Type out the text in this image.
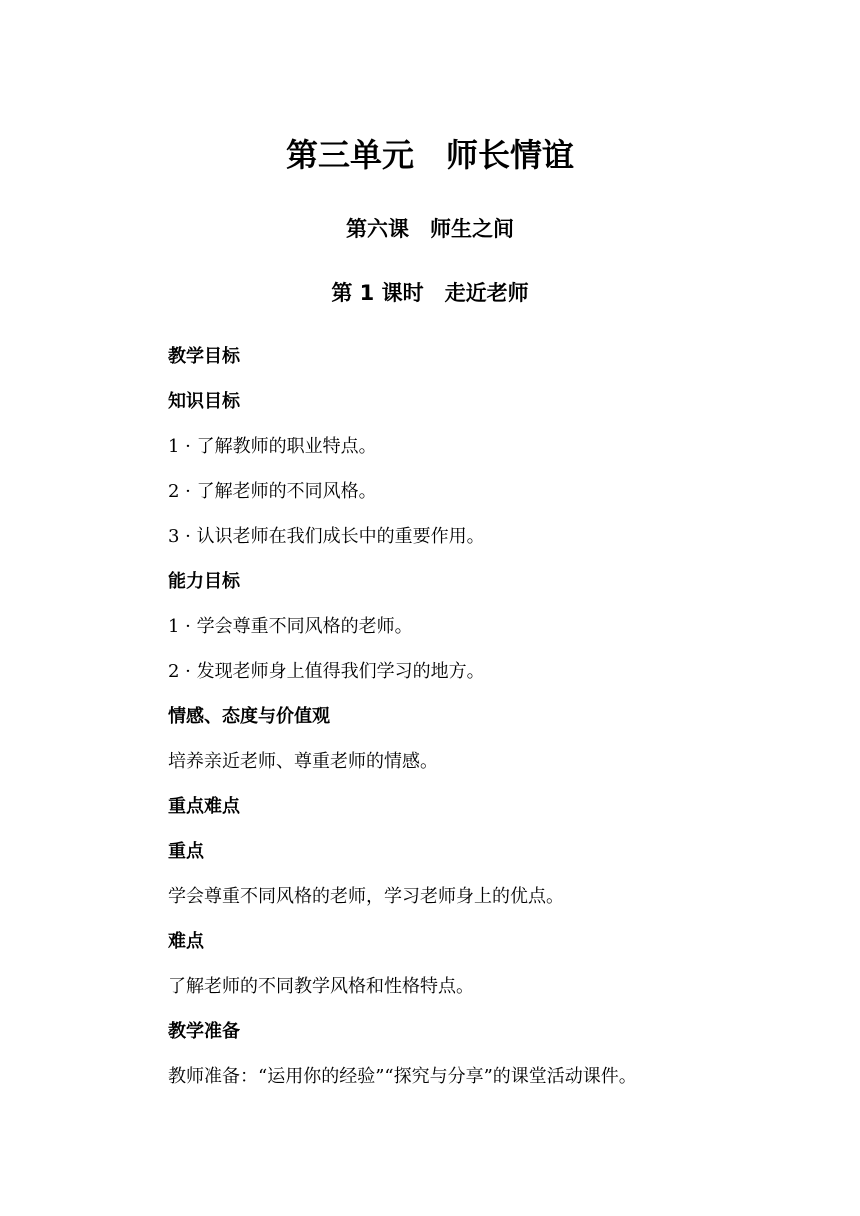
第三单元　师长情谊
第六课　师生之间
第 1 课时　走近老师
教学目标
知识目标
1 · 了解教师的职业特点。
2 · 了解老师的不同风格。
3 · 认识老师在我们成长中的重要作用。
能力目标
1 · 学会尊重不同风格的老师。
2 · 发现老师身上值得我们学习的地方。
情感、态度与价值观
培养亲近老师、尊重老师的情感。
重点难点
重点
学会尊重不同风格的老师，学习老师身上的优点。
难点
了解老师的不同教学风格和性格特点。
教学准备
教师准备：“运用你的经验”“探究与分享”的课堂活动课件。
